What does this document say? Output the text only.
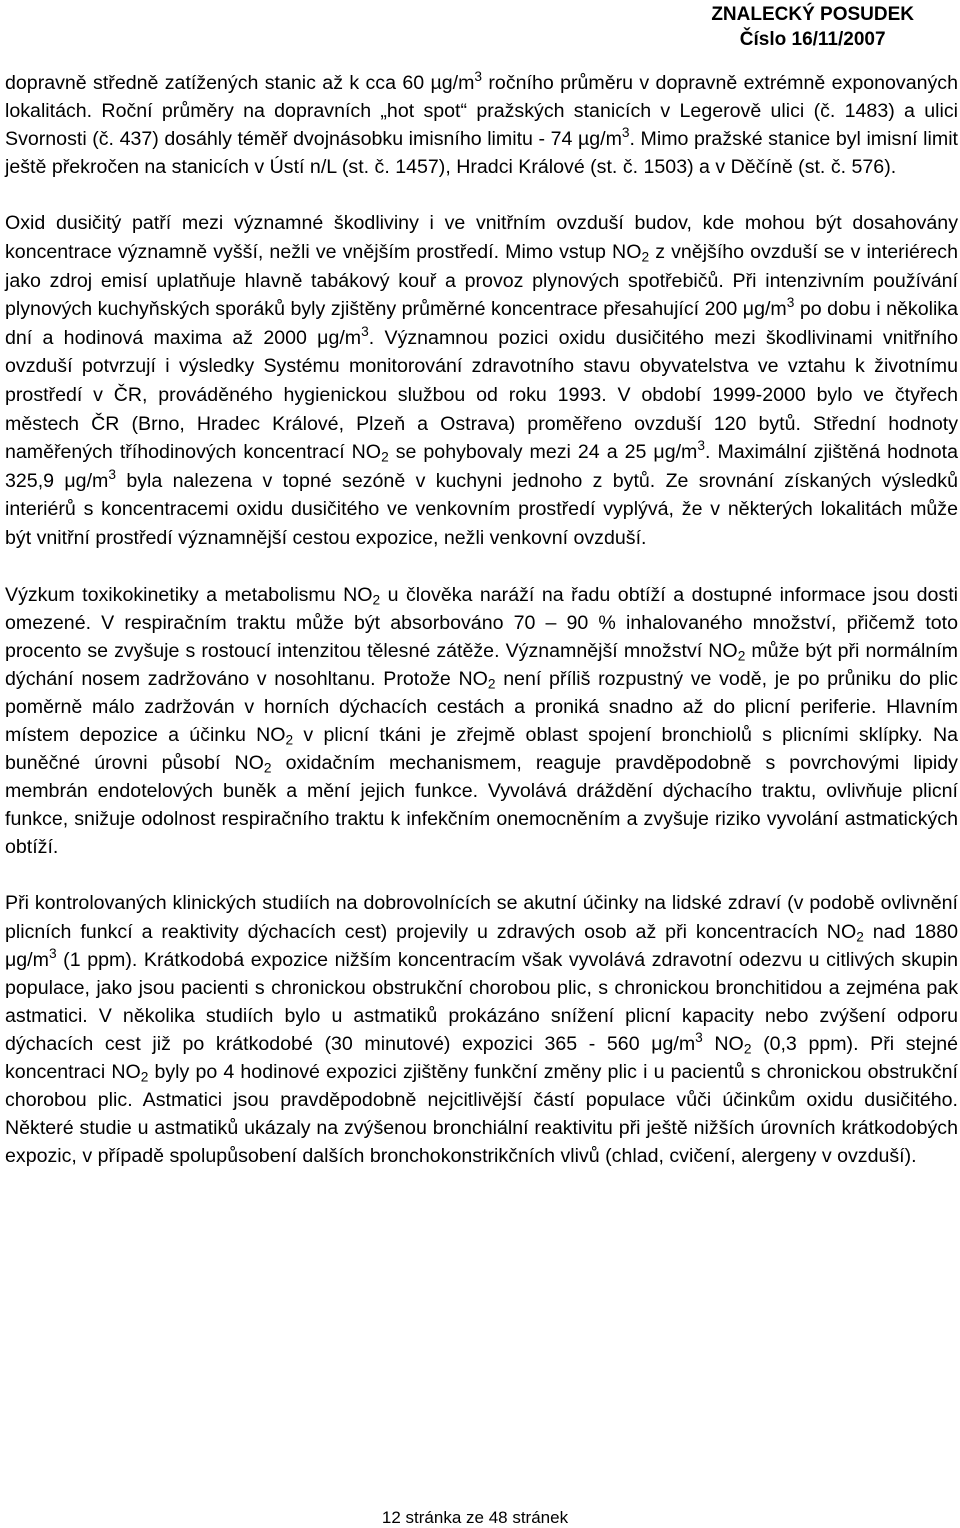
ZNALECKÝ POSUDEK
Číslo 16/11/2007

dopravně středně zatížených stanic až k cca 60 $\mu g/m^3$ ročního průměru v dopravně extrémně exponovaných lokalitách. Roční průměry na dopravních „hot spot“ pražských stanicích v Legerově ulici (č. 1483) a ulici Svornosti (č. 437) dosáhly téměř dvojnásobku imisního limitu - 74 $\mu g/m^3$. Mimo pražské stanice byl imisní limit ještě překročen na stanicích v Ústí n/L (st. č. 1457), Hradci Králové (st. č. 1503) a v Děčíně (st. č. 576).

Oxid dusičitý patří mezi významné škodliviny i ve vnitřním ovzduší budov, kde mohou být dosahovány koncentrace významně vyšší, nežli ve vnějším prostředí. Mimo vstup $NO_2$ z vnějšího ovzduší se v interiérech jako zdroj emisí uplatňuje hlavně tabákový kouř a provoz plynových spotřebičů. Při intenzivním používání plynových kuchyňských sporáků byly zjištěny průměrné koncentrace přesahující 200 $\mu g/m^3$ po dobu i několika dní a hodinová maxima až 2000 $\mu g/m^3$. Významnou pozici oxidu dusičitého mezi škodlivinami vnitřního ovzduší potvrzují i výsledky Systému monitorování zdravotního stavu obyvatelstva ve vztahu k životnímu prostředí v ČR, prováděného hygienickou službou od roku 1993. V období 1999-2000 bylo ve čtyřech městech ČR (Brno, Hradec Králové, Plzeň a Ostrava) proměřeno ovzduší 120 bytů. Střední hodnoty naměřených tříhodinových koncentrací $NO_2$ se pohybovaly mezi 24 a 25 $\mu g/m^3$. Maximální zjištěná hodnota 325,9 $\mu g/m^3$ byla nalezena v topné sezóně v kuchyni jednoho z bytů. Ze srovnání získaných výsledků interiérů s koncentracemi oxidu dusičitého ve venkovním prostředí vyplývá, že v některých lokalitách může být vnitřní prostředí významnější cestou expozice, nežli venkovní ovzduší.

Výzkum toxikokinetiky a metabolismu $NO_2$ u člověka naráží na řadu obtíží a dostupné informace jsou dosti omezené. V respiračním traktu může být absorbováno 70 – 90 % inhalovaného množství, přičemž toto procento se zvyšuje s rostoucí intenzitou tělesné zátěže. Významnější množství $NO_2$ může být při normálním dýchání nosem zadržováno v nosohltanu. Protože $NO_2$ není příliš rozpustný ve vodě, je po průniku do plic poměrně málo zadržován v horních dýchacích cestách a proniká snadno až do plicní periferie. Hlavním místem depozice a účinku $NO_2$ v plicní tkáni je zřejmě oblast spojení bronchiolů s plicními sklípky. Na buněčné úrovni působí $NO_2$ oxidačním mechanismem, reaguje pravděpodobně s povrchovými lipidy membrán endotelových buněk a mění jejich funkce. Vyvolává dráždění dýchacího traktu, ovlivňuje plicní funkce, snižuje odolnost respiračního traktu k infekčním onemocněním a zvyšuje riziko vyvolání astmatických obtíží.

Při kontrolovaných klinických studiích na dobrovolnících se akutní účinky na lidské zdraví (v podobě ovlivnění plicních funkcí a reaktivity dýchacích cest) projevily u zdravých osob až při koncentracích $NO_2$ nad 1880 $\mu g/m^3$ (1 ppm). Krátkodobá expozice nižším koncentracím však vyvolává zdravotní odezvu u citlivých skupin populace, jako jsou pacienti s chronickou obstrukční chorobou plic, s chronickou bronchitidou a zejména pak astmatici. V několika studiích bylo u astmatiků prokázáno snížení plicní kapacity nebo zvýšení odporu dýchacích cest již po krátkodobé (30 minutové) expozici 365 - 560 $\mu g/m^3$ $NO_2$ (0,3 ppm). Při stejné koncentraci $NO_2$ byly po 4 hodinové expozici zjištěny funkční změny plic i u pacientů s chronickou obstrukční chorobou plic. Astmatici jsou pravděpodobně nejcitlivější částí populace vůči účinkům oxidu dusičitého. Některé studie u astmatiků ukázaly na zvýšenou bronchiální reaktivitu při ještě nižších úrovních krátkodobých expozic, v případě spolupůsobení dalších bronchokonstrikčních vlivů (chlad, cvičení, alergeny v ovzduší).

12 stránka ze 48 stránek
